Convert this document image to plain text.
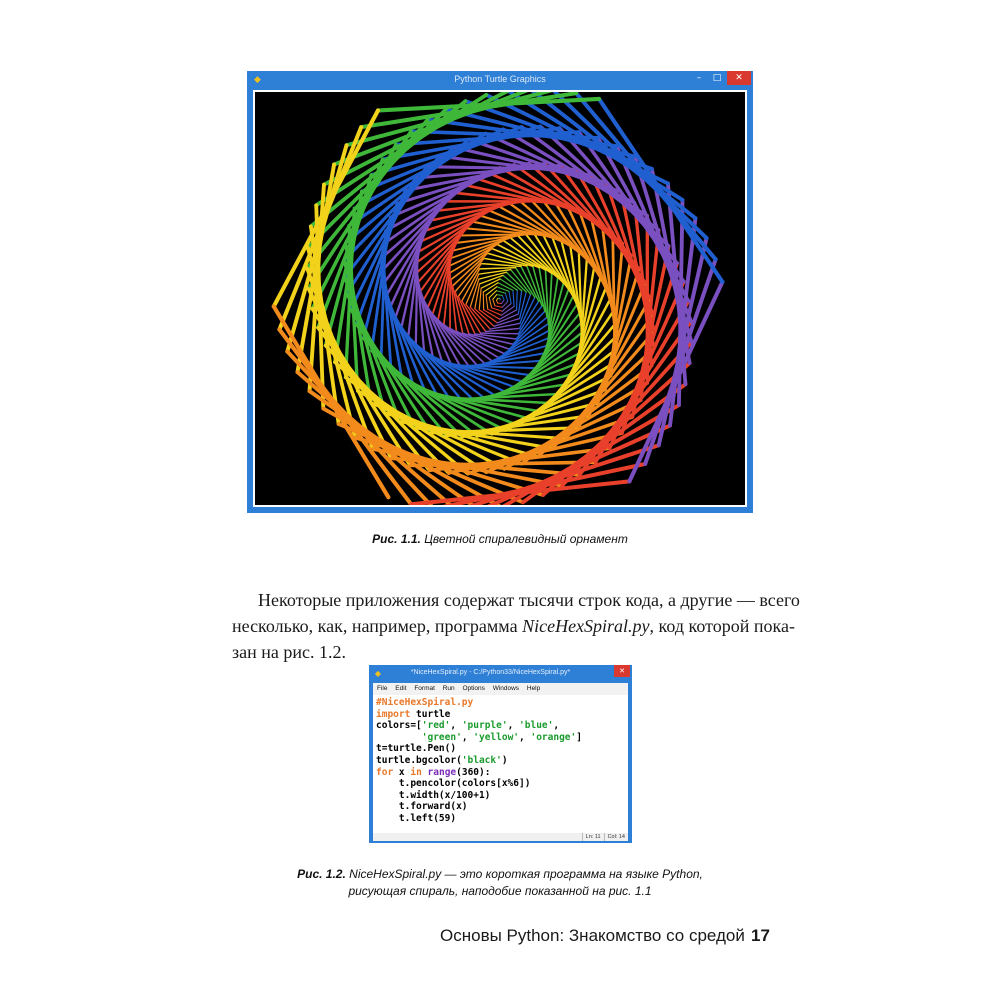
◆	Python Turtle Graphics	–	□	✕
Рис. 1.1. Цветной спиралевидный орнамент
Некоторые приложения содержат тысячи строк кода, а другие — всего
несколько, как, например, программа NiceHexSpiral.py, код которой пока-
зан на рис. 1.2.
◆	*NiceHexSpiral.py - C:/Python33/NiceHexSpiral.py*	✕
File Edit Format Run Options Windows Help
#NiceHexSpiral.py
import turtle
colors=['red', 'purple', 'blue',
'green', 'yellow', 'orange']
t=turtle.Pen()
turtle.bgcolor('black')
for x in range(360):
t.pencolor(colors[x%6])
t.width(x/100+1)
t.forward(x)
t.left(59)
Ln: 11 Col: 14
Рис. 1.2. NiceHexSpiral.py — это короткая программа на языке Python,
рисующая спираль, наподобие показанной на рис. 1.1
Основы Python: Знакомство со средой 17
